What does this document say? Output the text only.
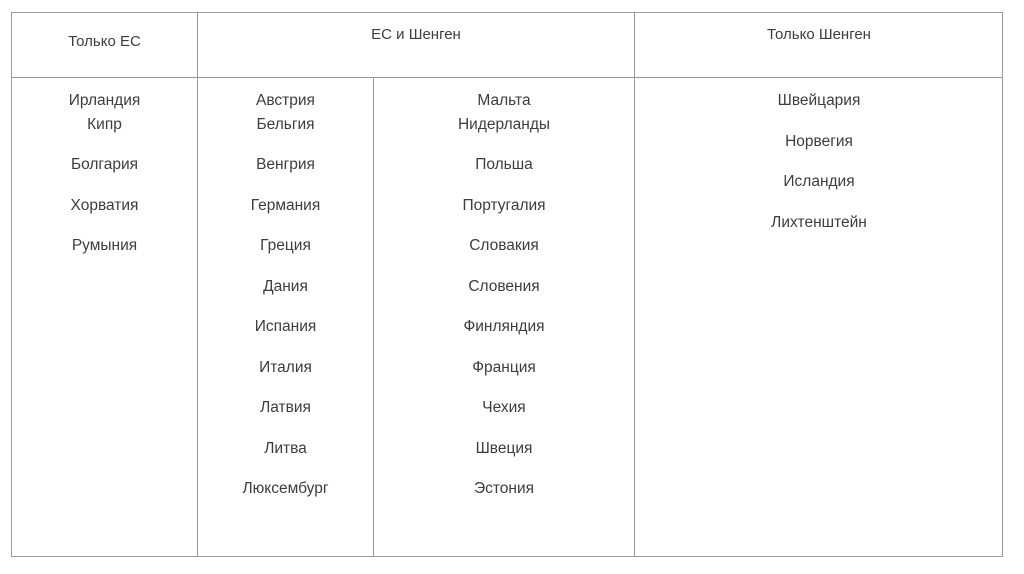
Только ЕС	ЕС и Шенген	Только Шенген
Ирландия
Кипр
Болгария
Хорватия
Румыния
Австрия
Бельгия
Венгрия
Германия
Греция
Дания
Испания
Италия
Латвия
Литва
Люксембург
Мальта
Нидерланды
Польша
Португалия
Словакия
Словения
Финляндия
Франция
Чехия
Швеция
Эстония
Швейцария
Норвегия
Исландия
Лихтенштейн
